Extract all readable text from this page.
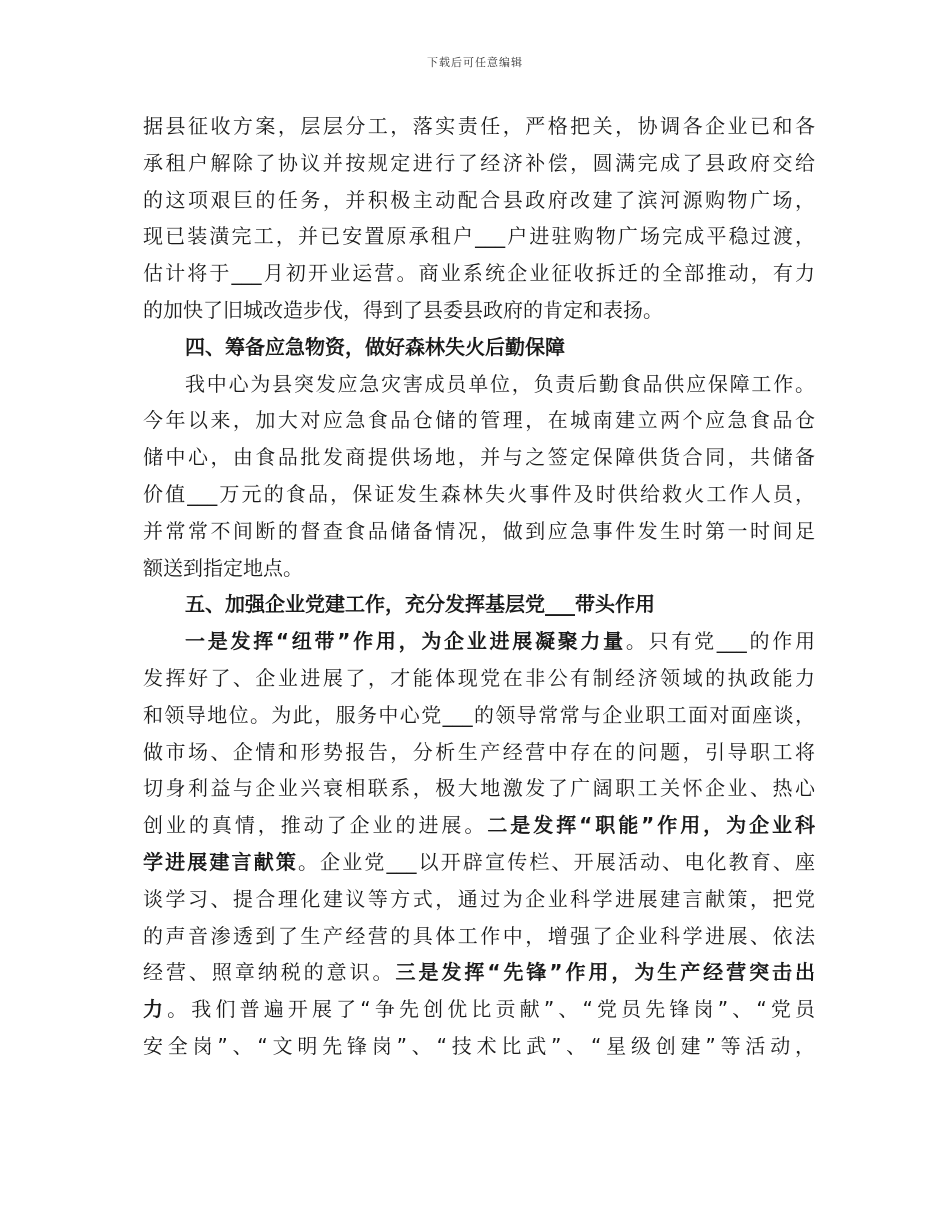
下载后可任意编辑
据县征收方案，层层分工，落实责任，严格把关，协调各企业已和各
承租户解除了协议并按规定进行了经济补偿，圆满完成了县政府交给
的这项艰巨的任务，并积极主动配合县政府改建了滨河源购物广场，
现已装潢完工，并已安置原承租户___户进驻购物广场完成平稳过渡，
估计将于___月初开业运营。商业系统企业征收拆迁的全部推动，有力
的加快了旧城改造步伐，得到了县委县政府的肯定和表扬。
四、筹备应急物资，做好森林失火后勤保障
我中心为县突发应急灾害成员单位，负责后勤食品供应保障工作。
今年以来，加大对应急食品仓储的管理，在城南建立两个应急食品仓
储中心，由食品批发商提供场地，并与之签定保障供货合同，共储备
价值___万元的食品，保证发生森林失火事件及时供给救火工作人员，
并常常不间断的督查食品储备情况，做到应急事件发生时第一时间足
额送到指定地点。
五、加强企业党建工作，充分发挥基层党___带头作用
一是发挥“纽带”作用，为企业进展凝聚力量。只有党___的作用
发挥好了、企业进展了，才能体现党在非公有制经济领域的执政能力
和领导地位。为此，服务中心党___的领导常常与企业职工面对面座谈，
做市场、企情和形势报告，分析生产经营中存在的问题，引导职工将
切身利益与企业兴衰相联系，极大地激发了广阔职工关怀企业、热心
创业的真情，推动了企业的进展。二是发挥“职能”作用，为企业科
学进展建言献策。企业党___以开辟宣传栏、开展活动、电化教育、座
谈学习、提合理化建议等方式，通过为企业科学进展建言献策，把党
的声音渗透到了生产经营的具体工作中，增强了企业科学进展、依法
经营、照章纳税的意识。三是发挥“先锋”作用，为生产经营突击出
力。我们普遍开展了“争先创优比贡献”、“党员先锋岗”、“党员
安全岗”、“文明先锋岗”、“技术比武”、“星级创建”等活动，
